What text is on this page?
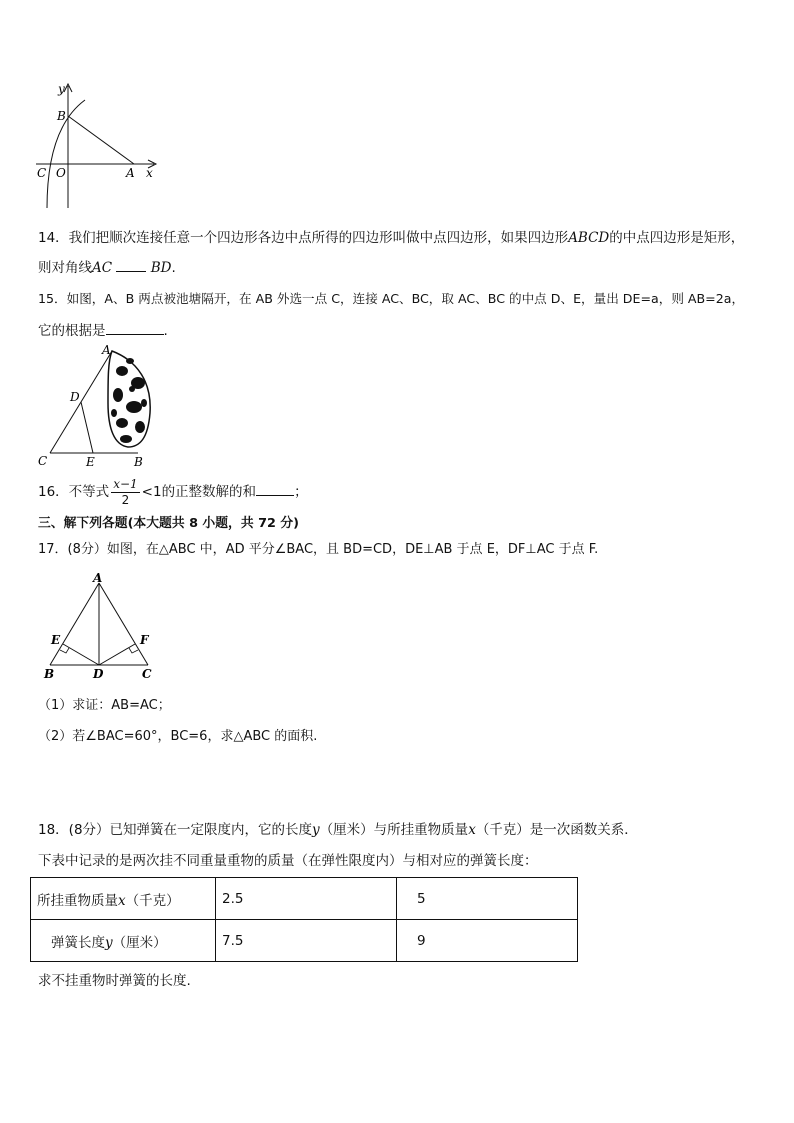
y
B
C O	A x
14．我们把顺次连接任意一个四边形各边中点所得的四边形叫做中点四边形，如果四边形ABCD的中点四边形是矩形，
则对角线AC	BD.
15．如图，A、B 两点被池塘隔开，在 AB 外选一点 C，连接 AC、BC，取 AC、BC 的中点 D、E，量出 DE=a，则 AB=2a，
它的根据是	.
A
D
C	E	B
16．不等式 $\frac{x-1}{2} <1$的正整数解的和	；
三、解下列各题(本大题共 8 小题，共 72 分)
17．(8分）如图，在△ABC 中，AD 平分∠BAC，且 BD=CD，DE⊥AB 于点 E，DF⊥AC 于点 F.
A
E	F
B	D	C
（1）求证：AB=AC；
（2）若∠BAC=60°，BC=6，求△ABC 的面积.
18．(8分）已知弹簧在一定限度内，它的长度y（厘米）与所挂重物质量x（千克）是一次函数关系．
下表中记录的是两次挂不同重量重物的质量（在弹性限度内）与相对应的弹簧长度：
所挂重物质量x（千克）	2.5	5
弹簧长度y（厘米）	7.5	9
求不挂重物时弹簧的长度.
